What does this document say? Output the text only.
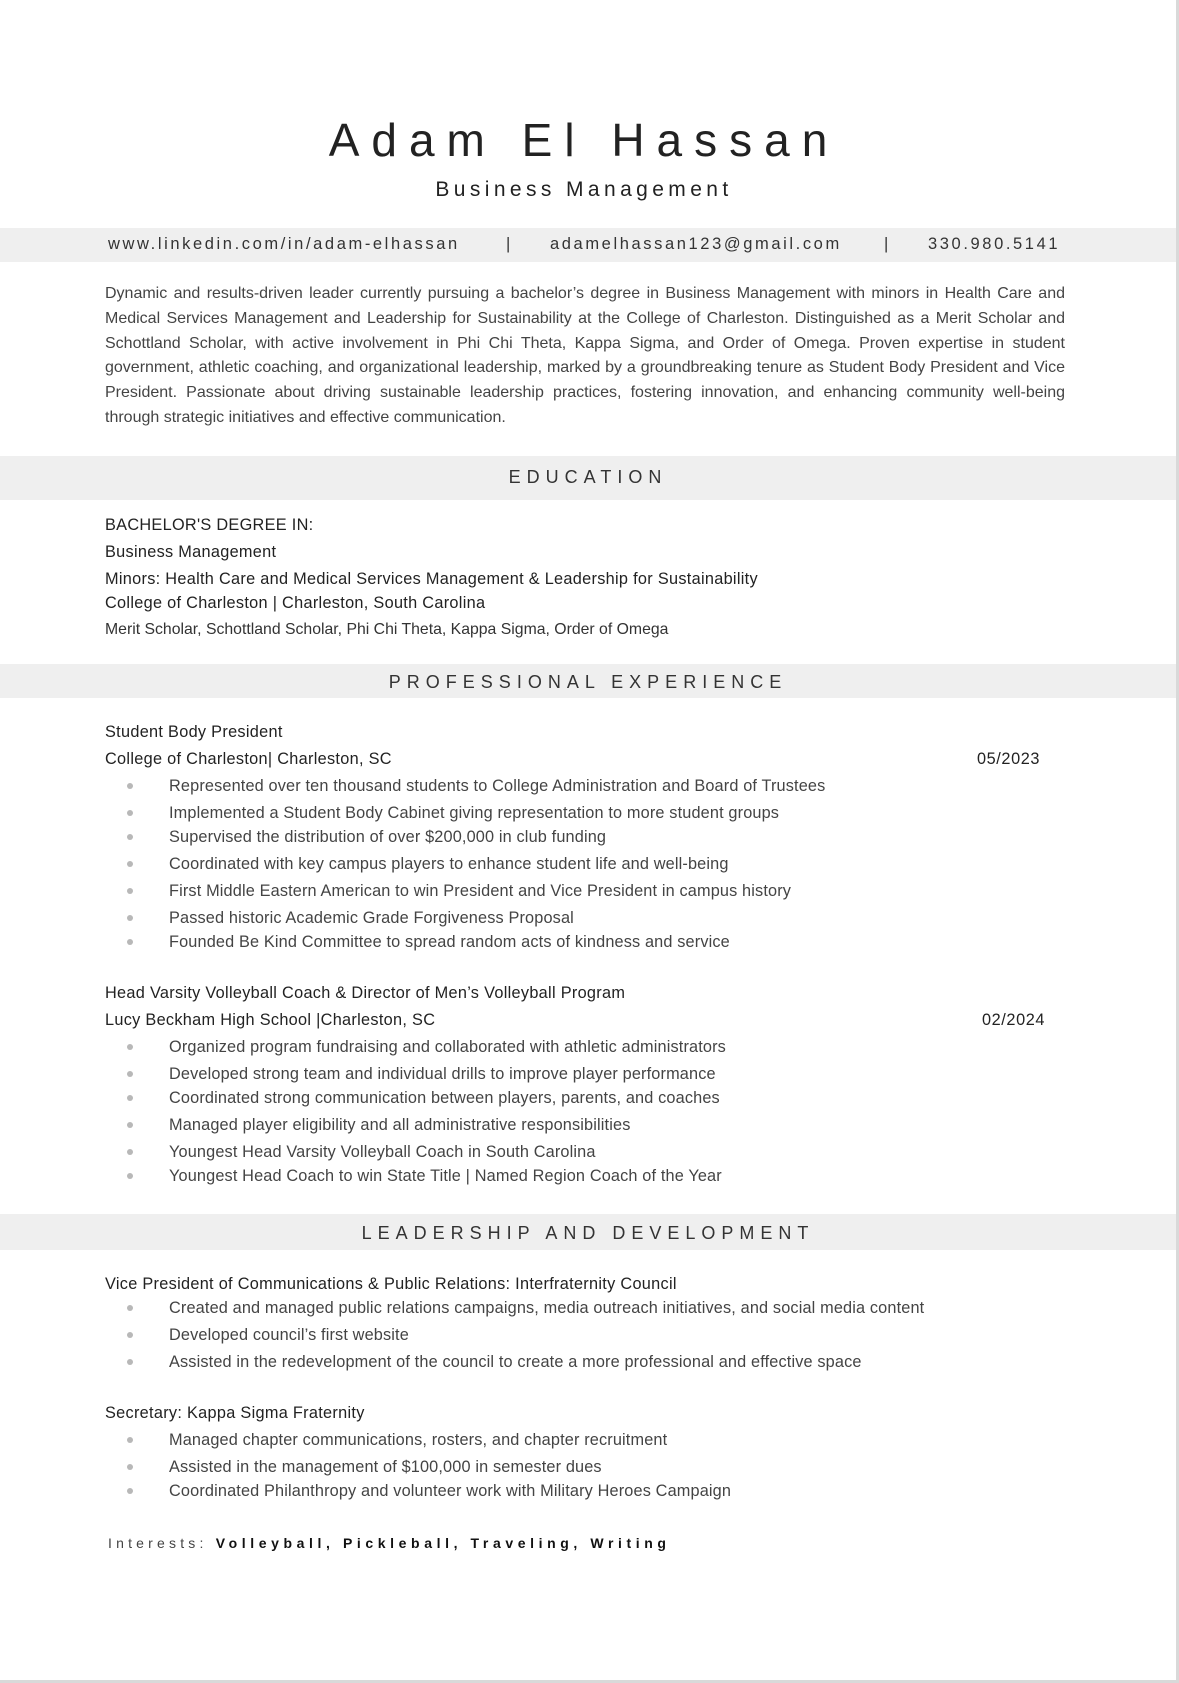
Adam El Hassan
Business Management
www.linkedin.com/in/adam-elhassan	| adamelhassan123@gmail.com	| 330.980.5141
Dynamic and results-driven leader currently pursuing a bachelor’s degree in Business Management with minors in Health Care and Medical Services Management and Leadership for Sustainability at the College of Charleston. Distinguished as a Merit Scholar and Schottland Scholar, with active involvement in Phi Chi Theta, Kappa Sigma, and Order of Omega. Proven expertise in student government, athletic coaching, and organizational leadership, marked by a groundbreaking tenure as Student Body President and Vice President. Passionate about driving sustainable leadership practices, fostering innovation, and enhancing community well-being through strategic initiatives and effective communication.
EDUCATION
BACHELOR'S DEGREE IN:
Business Management
Minors: Health Care and Medical Services Management & Leadership for Sustainability
College of Charleston | Charleston, South Carolina
Merit Scholar, Schottland Scholar, Phi Chi Theta, Kappa Sigma, Order of Omega
PROFESSIONAL EXPERIENCE
Student Body President
College of Charleston| Charleston, SC	05/2023
Represented over ten thousand students to College Administration and Board of Trustees
Implemented a Student Body Cabinet giving representation to more student groups
Supervised the distribution of over $200,000 in club funding
Coordinated with key campus players to enhance student life and well-being
First Middle Eastern American to win President and Vice President in campus history
Passed historic Academic Grade Forgiveness Proposal
Founded Be Kind Committee to spread random acts of kindness and service
Head Varsity Volleyball Coach & Director of Men’s Volleyball Program
Lucy Beckham High School |Charleston, SC	02/2024
Organized program fundraising and collaborated with athletic administrators
Developed strong team and individual drills to improve player performance
Coordinated strong communication between players, parents, and coaches
Managed player eligibility and all administrative responsibilities
Youngest Head Varsity Volleyball Coach in South Carolina
Youngest Head Coach to win State Title | Named Region Coach of the Year
LEADERSHIP AND DEVELOPMENT
Vice President of Communications & Public Relations: Interfraternity Council
Created and managed public relations campaigns, media outreach initiatives, and social media content
Developed council’s first website
Assisted in the redevelopment of the council to create a more professional and effective space
Secretary: Kappa Sigma Fraternity
Managed chapter communications, rosters, and chapter recruitment
Assisted in the management of $100,000 in semester dues
Coordinated Philanthropy and volunteer work with Military Heroes Campaign
Interests: Volleyball, Pickleball, Traveling, Writing
